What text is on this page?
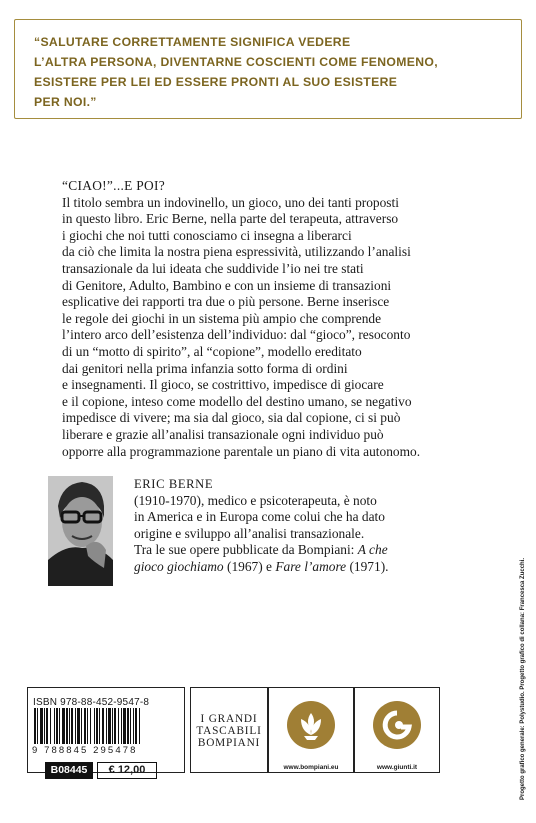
“SALUTARE CORRETTAMENTE SIGNIFICA VEDERE
L’ALTRA PERSONA, DIVENTARNE COSCIENTI COME FENOMENO,
ESISTERE PER LEI ED ESSERE PRONTI AL SUO ESISTERE
PER NOI.”

“CIAO!”...E POI?

Il titolo sembra un indovinello, un gioco, uno dei tanti proposti
in questo libro. Eric Berne, nella parte del terapeuta, attraverso
i giochi che noi tutti conosciamo ci insegna a liberarci
da ciò che limita la nostra piena espressività, utilizzando l’analisi
transazionale da lui ideata che suddivide l’io nei tre stati
di Genitore, Adulto, Bambino e con un insieme di transazioni
esplicative dei rapporti tra due o più persone. Berne inserisce
le regole dei giochi in un sistema più ampio che comprende
l’intero arco dell’esistenza dell’individuo: dal “gioco”, resoconto
di un “motto di spirito”, al “copione”, modello ereditato
dai genitori nella prima infanzia sotto forma di ordini
e insegnamenti. Il gioco, se costrittivo, impedisce di giocare
e il copione, inteso come modello del destino umano, se negativo
impedisce di vivere; ma sia dal gioco, sia dal copione, ci si può
liberare e grazie all’analisi transazionale ogni individuo può
opporre alla programmazione parentale un piano di vita autonomo.

ERIC BERNE

(1910-1970), medico e psicoterapeuta, è noto
in America e in Europa come colui che ha dato
origine e sviluppo all’analisi transazionale.
Tra le sue opere pubblicate da Bompiani: A che
gioco giochiamo (1967) e Fare l’amore (1971).	Progetto grafico generale: Polystudio. Progetto grafico di collana: Francesca Zucchi.
ISBN 978-88-452-9547-8
9 788845 295478
B08445	€ 12,00
I GRANDI
TASCABILI
BOMPIANI
www.bompiani.eu	www.giunti.it
